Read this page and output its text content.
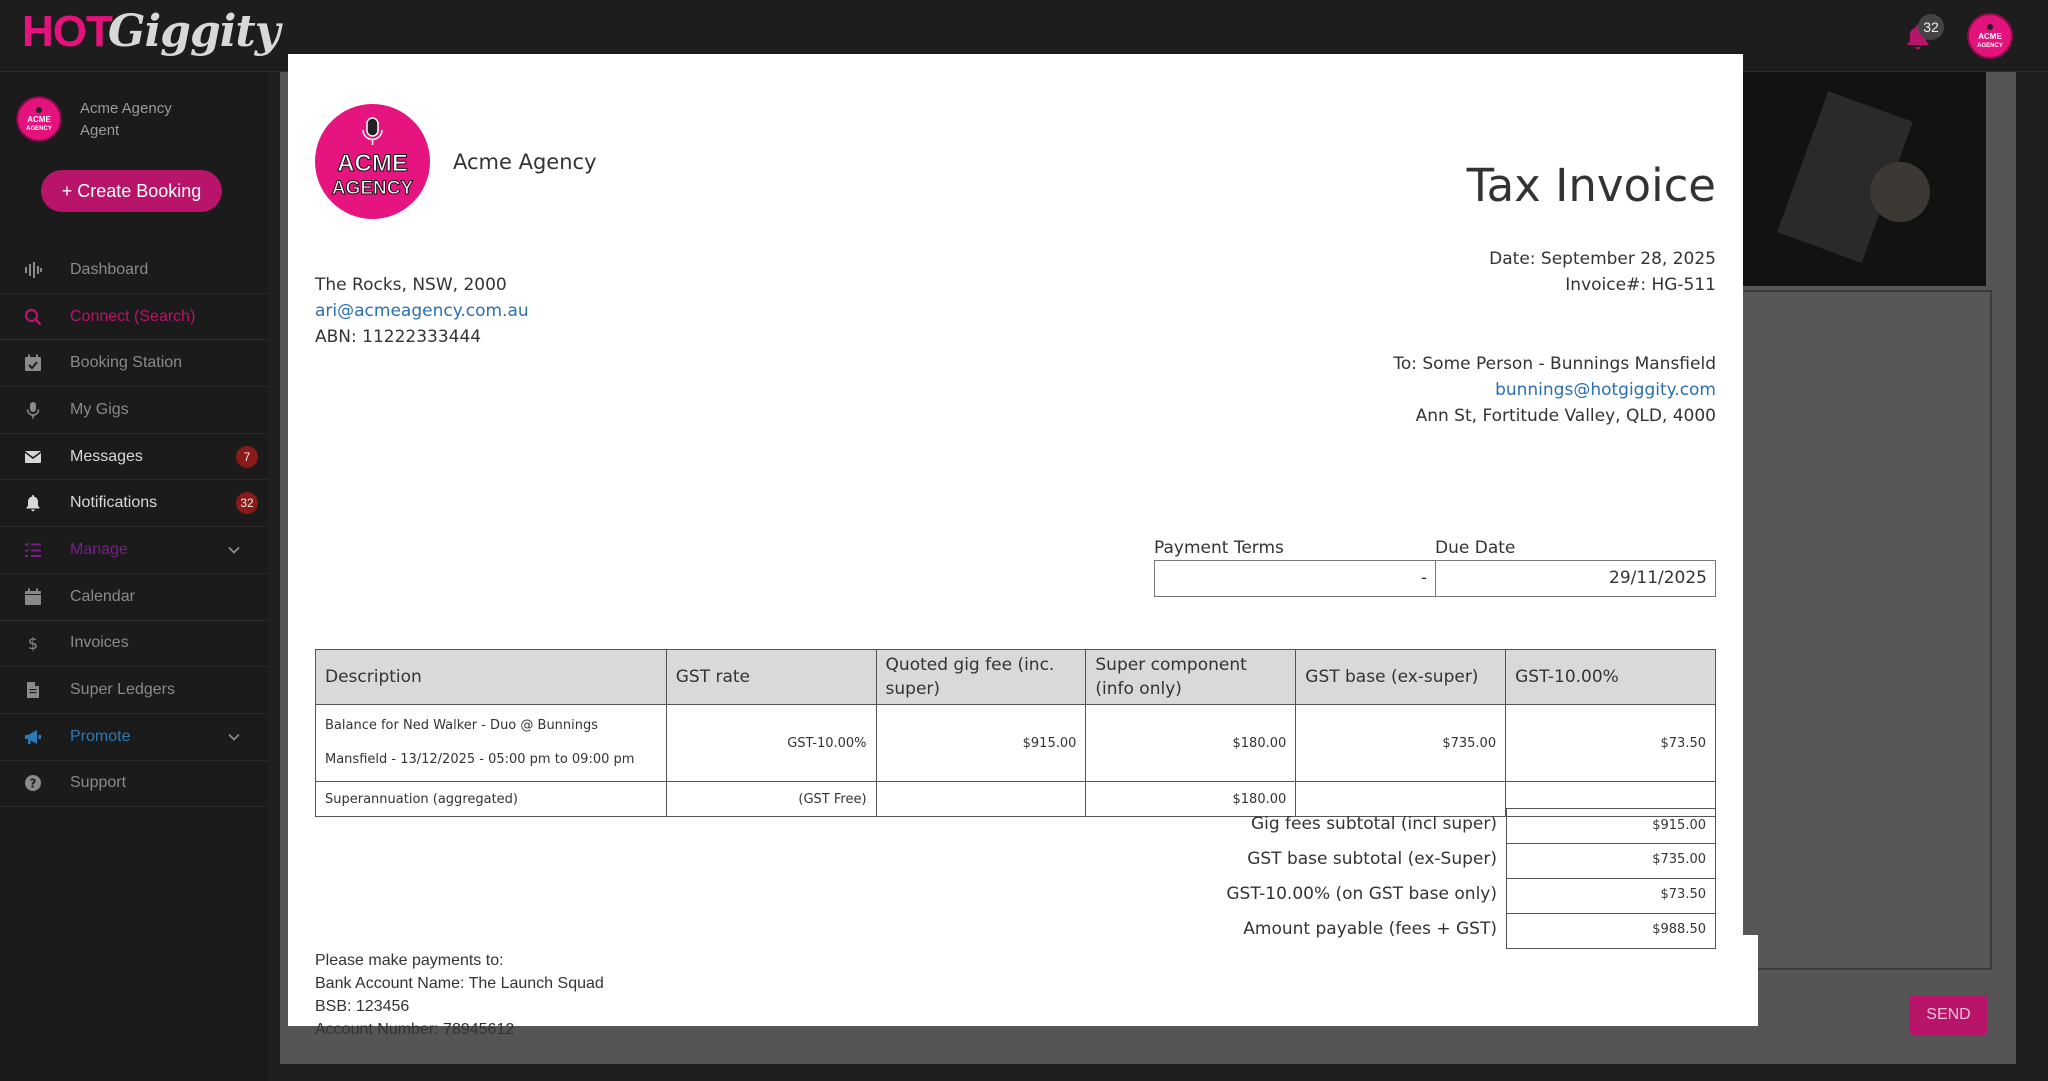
HOTGiggity	32
ACME
AGENCY
ACME
AGENCY
Acme Agency
Agent
+ Create Booking
Dashboard
Connect (Search)
Booking Station
My Gigs
Messages	7
Notifications	32
Manage
Calendar
$ Invoices
Super Ledgers
Promote
? Support
SEND
ACME
AGENCY
Acme Agency	Tax Invoice
Date: September 28, 2025
Invoice#: HG-511
The Rocks, NSW, 2000
ari@acmeagency.com.au
ABN: 11222333444
To: Some Person - Bunnings Mansfield
bunnings@hotgiggity.com
Ann St, Fortitude Valley, QLD, 4000
Payment Terms	Due Date
-	29/11/2025
Description	GST rate	Quoted gig fee (inc. super)	Super component (info only)	GST base (ex-super)	GST-10.00%
Balance for Ned Walker - Duo @ Bunnings Mansfield - 13/12/2025 - 05:00 pm to 09:00 pm	GST-10.00%	$915.00	$180.00	$735.00	$73.50
Superannuation (aggregated)	(GST Free)		$180.00		
Gig fees subtotal (incl super)	$915.00
GST base subtotal (ex-Super)	$735.00
GST-10.00% (on GST base only)	$73.50
Amount payable (fees + GST)	$988.50
Please make payments to:
Bank Account Name: The Launch Squad
BSB: 123456
Account Number: 78945612
